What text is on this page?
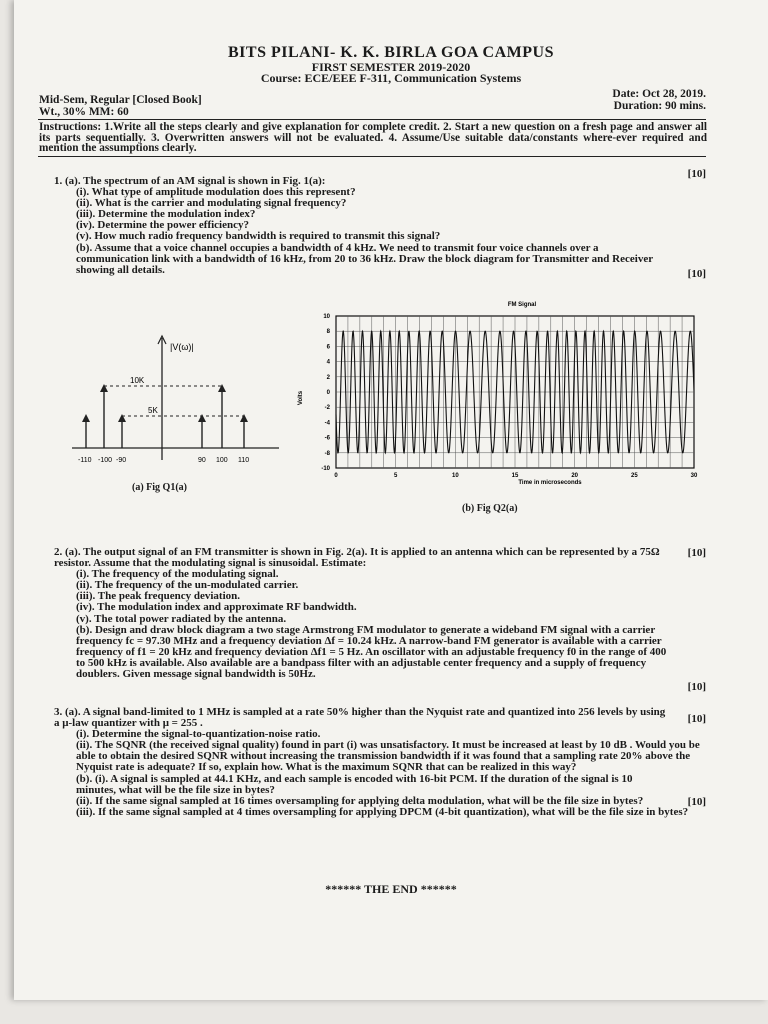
BITS PILANI- K. K. BIRLA GOA CAMPUS
FIRST SEMESTER 2019-2020
Course: ECE/EEE F-311, Communication Systems
Mid-Sem, Regular [Closed Book]
Wt., 30% MM: 60
Date: Oct 28, 2019.
Duration: 90 mins.
Instructions: 1.Write all the steps clearly and give explanation for complete credit. 2. Start a new question on a fresh page and answer all its parts sequentially. 3. Overwritten answers will not be evaluated. 4. Assume/Use suitable data/constants where-ever required and mention the assumptions clearly.

1. (a). The spectrum of an AM signal is shown in Fig. 1(a):

(i). What type of amplitude modulation does this represent?

(ii). What is the carrier and modulating signal frequency?

(iii). Determine the modulation index?

(iv). Determine the power efficiency?

(v). How much radio frequency bandwidth is required to transmit this signal?

(b). Assume that a voice channel occupies a bandwidth of 4 kHz. We need to transmit four voice channels over a communication link with a bandwidth of 16 kHz, from 20 to 36 kHz. Draw the block diagram for Transmitter and Receiver showing all details.

[10]
[10]
|V(ω)|
10K
5K
-110 -100 -90	90 100 110
(a) Fig Q1(a)
FM Signal
Volts
Time in microseconds
0	5	10	15	20	25	30
10
8
6
4
2
0
-2
-4
-6
-8
-10
(b) Fig Q2(a)

2. (a). The output signal of an FM transmitter is shown in Fig. 2(a). It is applied to an antenna which can be represented by a 75Ω resistor. Assume that the modulating signal is sinusoidal. Estimate:

(i). The frequency of the modulating signal.

(ii). The frequency of the un-modulated carrier.

(iii). The peak frequency deviation.

(iv). The modulation index and approximate RF bandwidth.

(v). The total power radiated by the antenna.

(b). Design and draw block diagram a two stage Armstrong FM modulator to generate a wideband FM signal with a carrier frequency fc = 97.30 MHz and a frequency deviation Δf = 10.24 kHz. A narrow-band FM generator is available with a carrier frequency of f1 = 20 kHz and frequency deviation Δf1 = 5 Hz. An oscillator with an adjustable frequency f0 in the range of 400 to 500 kHz is available. Also available are a bandpass filter with an adjustable center frequency and a supply of frequency doublers. Given message signal bandwidth is 50Hz.

[10]
[10]

3. (a). A signal band-limited to 1 MHz is sampled at a rate 50% higher than the Nyquist rate and quantized into 256 levels by using a μ-law quantizer with μ = 255 .

(i). Determine the signal-to-quantization-noise ratio.

(ii). The SQNR (the received signal quality) found in part (i) was unsatisfactory. It must be increased at least by 10 dB . Would you be able to obtain the desired SQNR without increasing the transmission bandwidth if it was found that a sampling rate 20% above the Nyquist rate is adequate? If so, explain how. What is the maximum SQNR that can be realized in this way?

(b). (i). A signal is sampled at 44.1 KHz, and each sample is encoded with 16-bit PCM. If the duration of the signal is 10 minutes, what will be the file size in bytes?

(ii). If the same signal sampled at 16 times oversampling for applying delta modulation, what will be the file size in bytes?

(iii). If the same signal sampled at 4 times oversampling for applying DPCM (4-bit quantization), what will be the file size in bytes?

[10]
[10]
****** THE END ******
